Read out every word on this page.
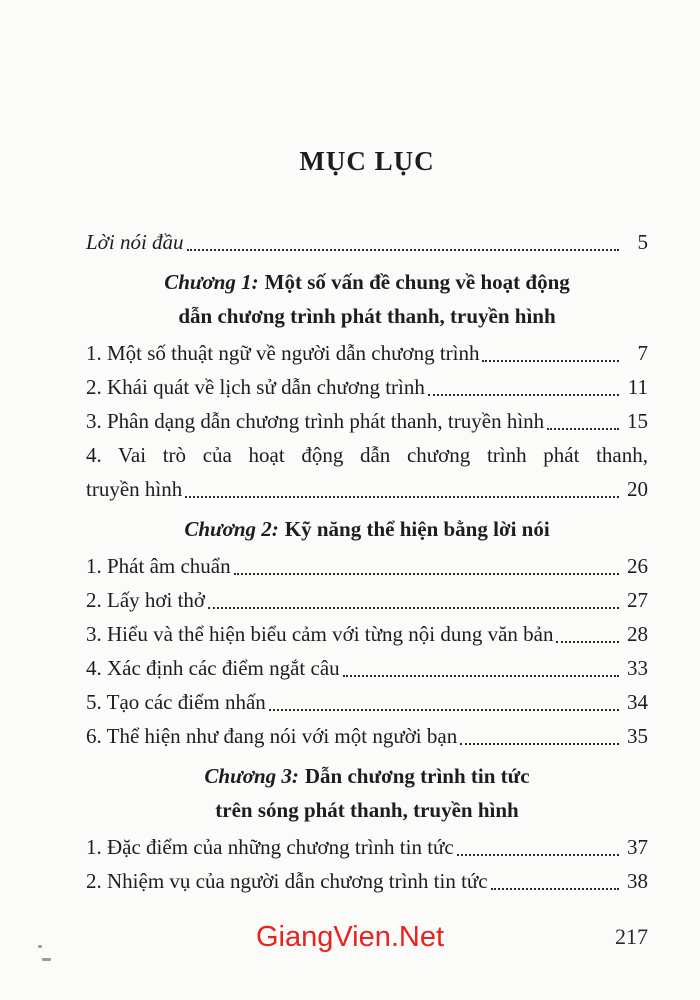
MỤC LỤC
Lời nói đầu	5
Chương 1: Một số vấn đề chung về hoạt động
dẫn chương trình phát thanh, truyền hình
1. Một số thuật ngữ về người dẫn chương trình	7
2. Khái quát về lịch sử dẫn chương trình	11
3. Phân dạng dẫn chương trình phát thanh, truyền hình	15
4. Vai trò của hoạt động dẫn chương trình phát thanh,
truyền hình	20
Chương 2: Kỹ năng thể hiện bằng lời nói
1. Phát âm chuẩn	26
2. Lấy hơi thở	27
3. Hiểu và thể hiện biểu cảm với từng nội dung văn bản	28
4. Xác định các điểm ngắt câu	33
5. Tạo các điểm nhấn	34
6. Thể hiện như đang nói với một người bạn	35
Chương 3: Dẫn chương trình tin tức
trên sóng phát thanh, truyền hình
1. Đặc điểm của những chương trình tin tức	37
2. Nhiệm vụ của người dẫn chương trình tin tức	38
GiangVien.Net	217
